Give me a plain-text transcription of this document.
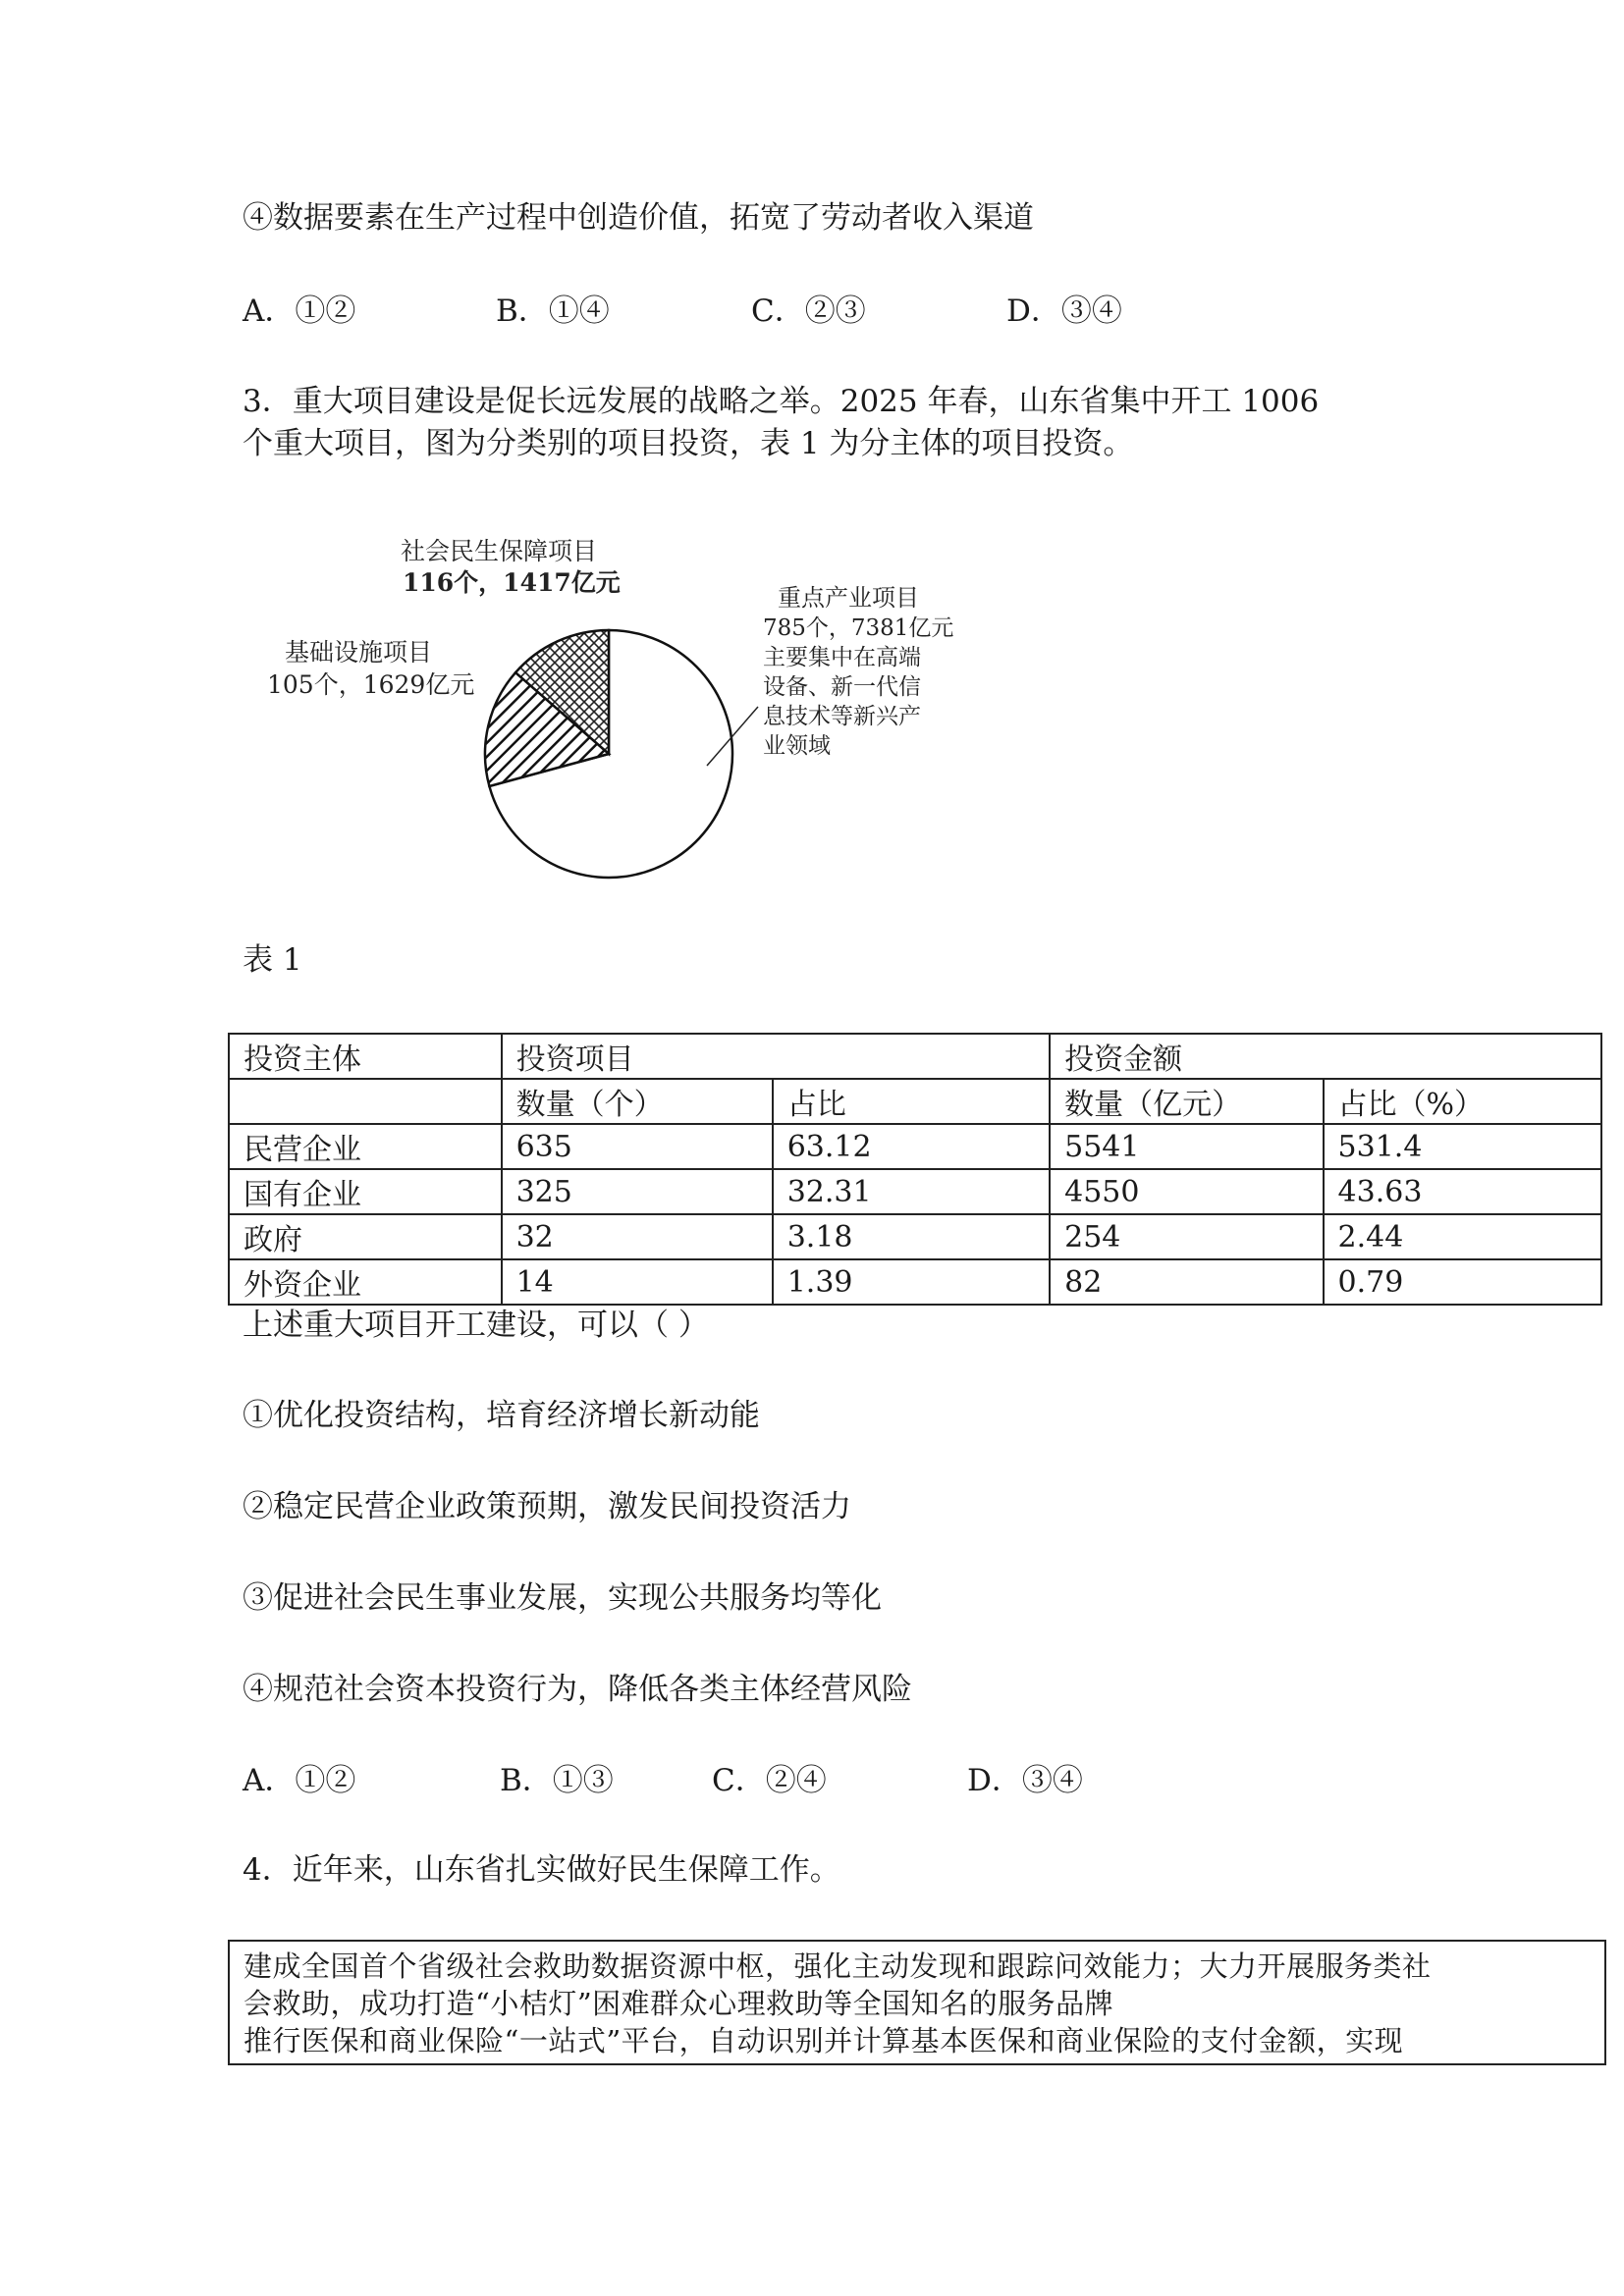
④数据要素在生产过程中创造价值，拓宽了劳动者收入渠道
A．①②	B．①④	C．②③	D．③④
3．重大项目建设是促长远发展的战略之举。2025 年春，山东省集中开工 1006
个重大项目，图为分类别的项目投资，表 1 为分主体的项目投资。
社会民生保障项目
116个，1417亿元
基础设施项目
105个，1629亿元
重点产业项目
785个，7381亿元
主要集中在高端
设备、新一代信
息技术等新兴产
业领域
表 1
投资主体	投资项目		投资金额	
	数量（个）	占比	数量（亿元）	占比（%）
民营企业	635	63.12	5541	531.4
国有企业	325	32.31	4550	43.63
政府	32	3.18	254	2.44
外资企业	14	1.39	82	0.79
上述重大项目开工建设，可以（ ）
①优化投资结构，培育经济增长新动能
②稳定民营企业政策预期，激发民间投资活力
③促进社会民生事业发展，实现公共服务均等化
④规范社会资本投资行为，降低各类主体经营风险
A．①②	B．①③	C．②④	D．③④
4．近年来，山东省扎实做好民生保障工作。
建成全国首个省级社会救助数据资源中枢，强化主动发现和跟踪问效能力；大力开展服务类社
会救助，成功打造“小桔灯”困难群众心理救助等全国知名的服务品牌
推行医保和商业保险“一站式”平台，自动识别并计算基本医保和商业保险的支付金额，实现
